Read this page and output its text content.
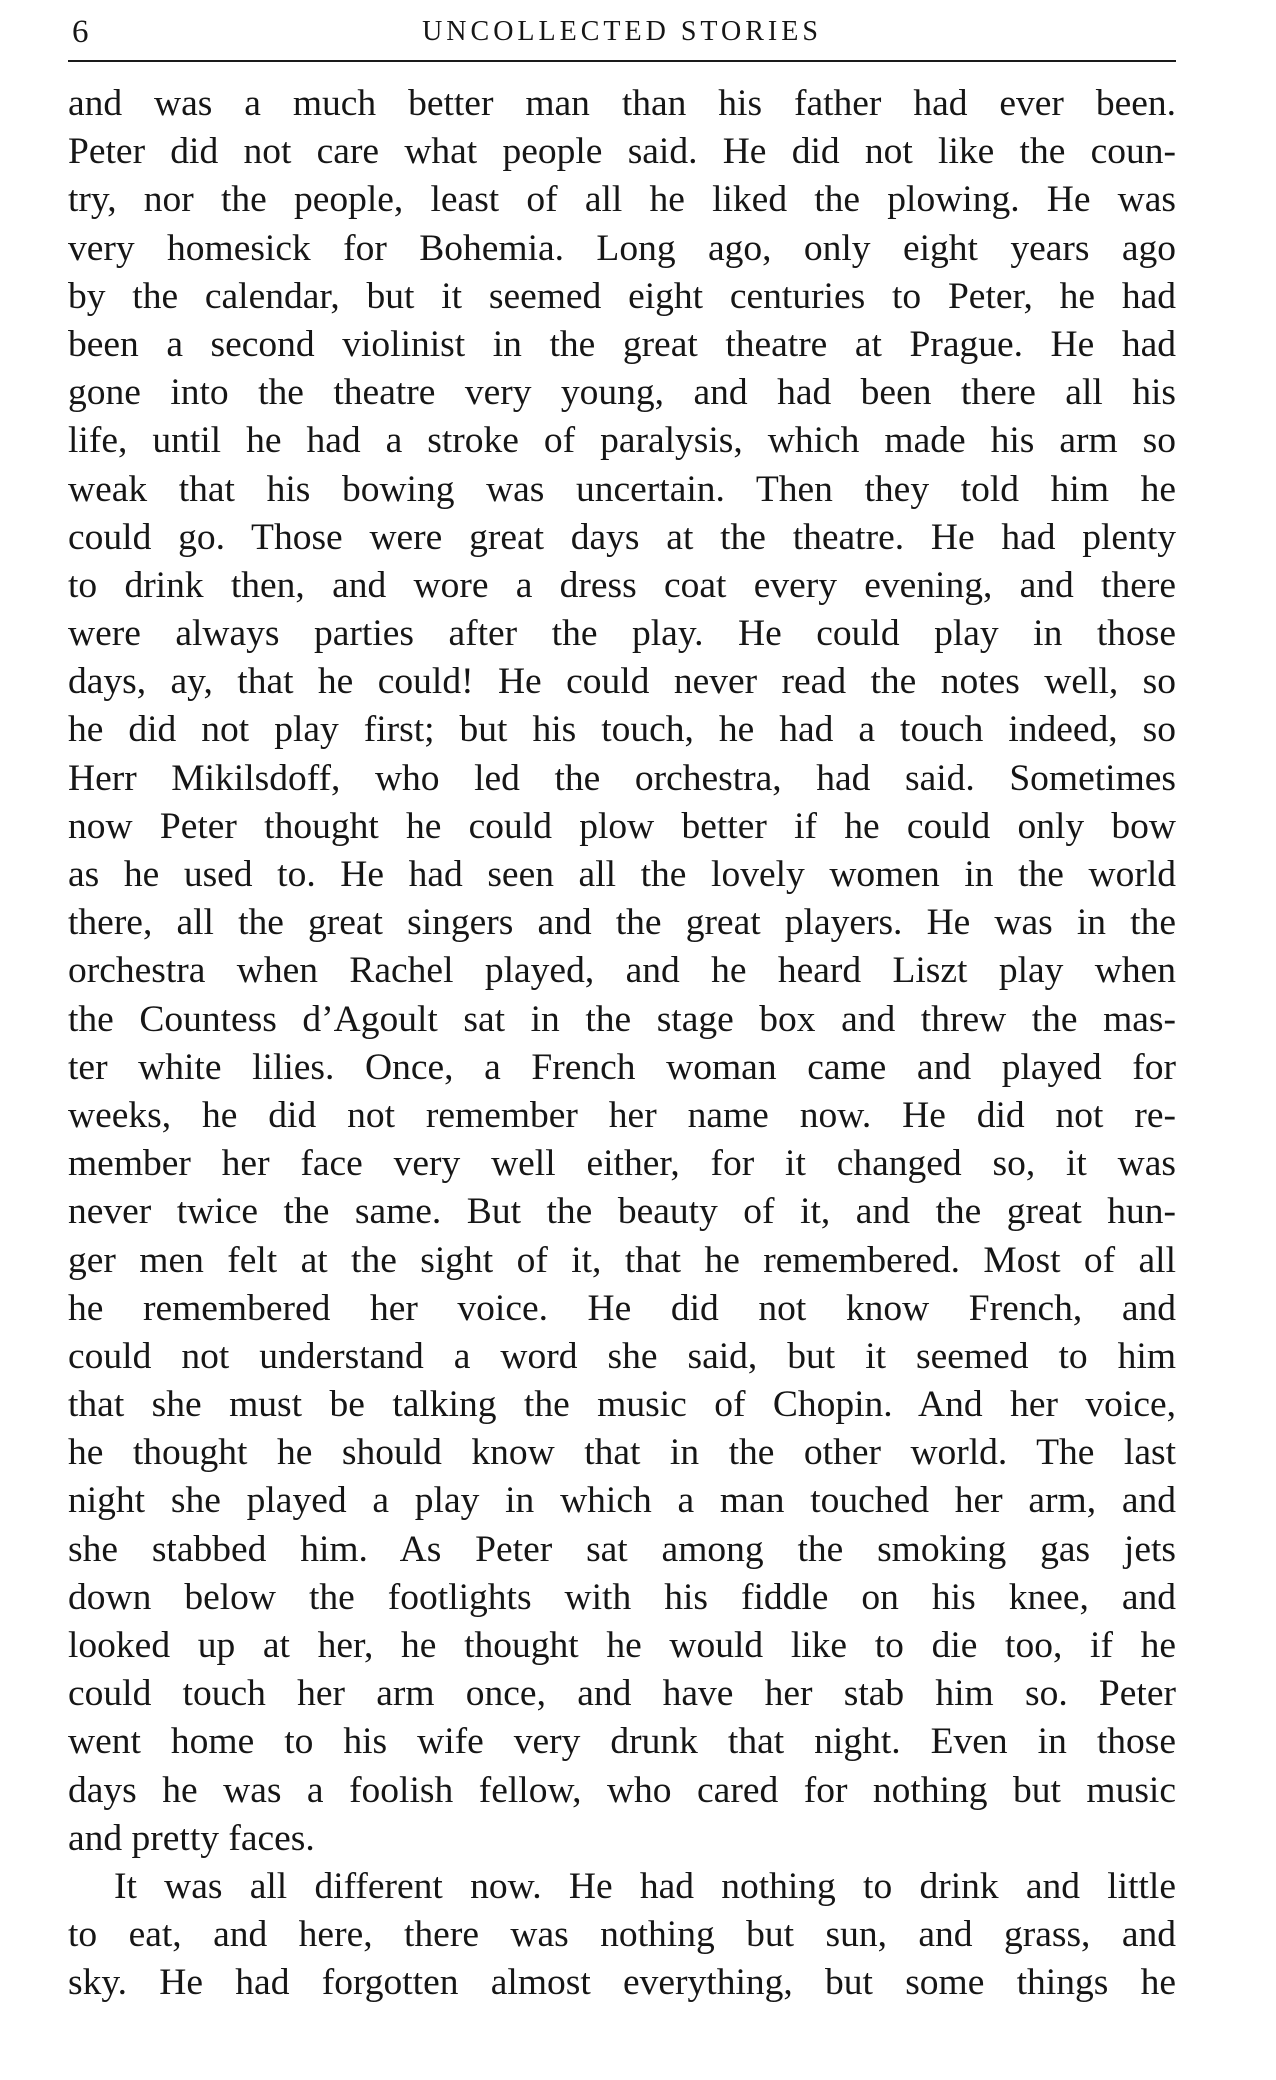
6	UNCOLLECTED STORIES
and was a much better man than his father had ever been.
Peter did not care what people said. He did not like the coun-
try, nor the people, least of all he liked the plowing. He was
very homesick for Bohemia. Long ago, only eight years ago
by the calendar, but it seemed eight centuries to Peter, he had
been a second violinist in the great theatre at Prague. He had
gone into the theatre very young, and had been there all his
life, until he had a stroke of paralysis, which made his arm so
weak that his bowing was uncertain. Then they told him he
could go. Those were great days at the theatre. He had plenty
to drink then, and wore a dress coat every evening, and there
were always parties after the play. He could play in those
days, ay, that he could! He could never read the notes well, so
he did not play first; but his touch, he had a touch indeed, so
Herr Mikilsdoff, who led the orchestra, had said. Sometimes
now Peter thought he could plow better if he could only bow
as he used to. He had seen all the lovely women in the world
there, all the great singers and the great players. He was in the
orchestra when Rachel played, and he heard Liszt play when
the Countess d’Agoult sat in the stage box and threw the mas-
ter white lilies. Once, a French woman came and played for
weeks, he did not remember her name now. He did not re-
member her face very well either, for it changed so, it was
never twice the same. But the beauty of it, and the great hun-
ger men felt at the sight of it, that he remembered. Most of all
he remembered her voice. He did not know French, and
could not understand a word she said, but it seemed to him
that she must be talking the music of Chopin. And her voice,
he thought he should know that in the other world. The last
night she played a play in which a man touched her arm, and
she stabbed him. As Peter sat among the smoking gas jets
down below the footlights with his fiddle on his knee, and
looked up at her, he thought he would like to die too, if he
could touch her arm once, and have her stab him so. Peter
went home to his wife very drunk that night. Even in those
days he was a foolish fellow, who cared for nothing but music
and pretty faces.
It was all different now. He had nothing to drink and little
to eat, and here, there was nothing but sun, and grass, and
sky. He had forgotten almost everything, but some things he
